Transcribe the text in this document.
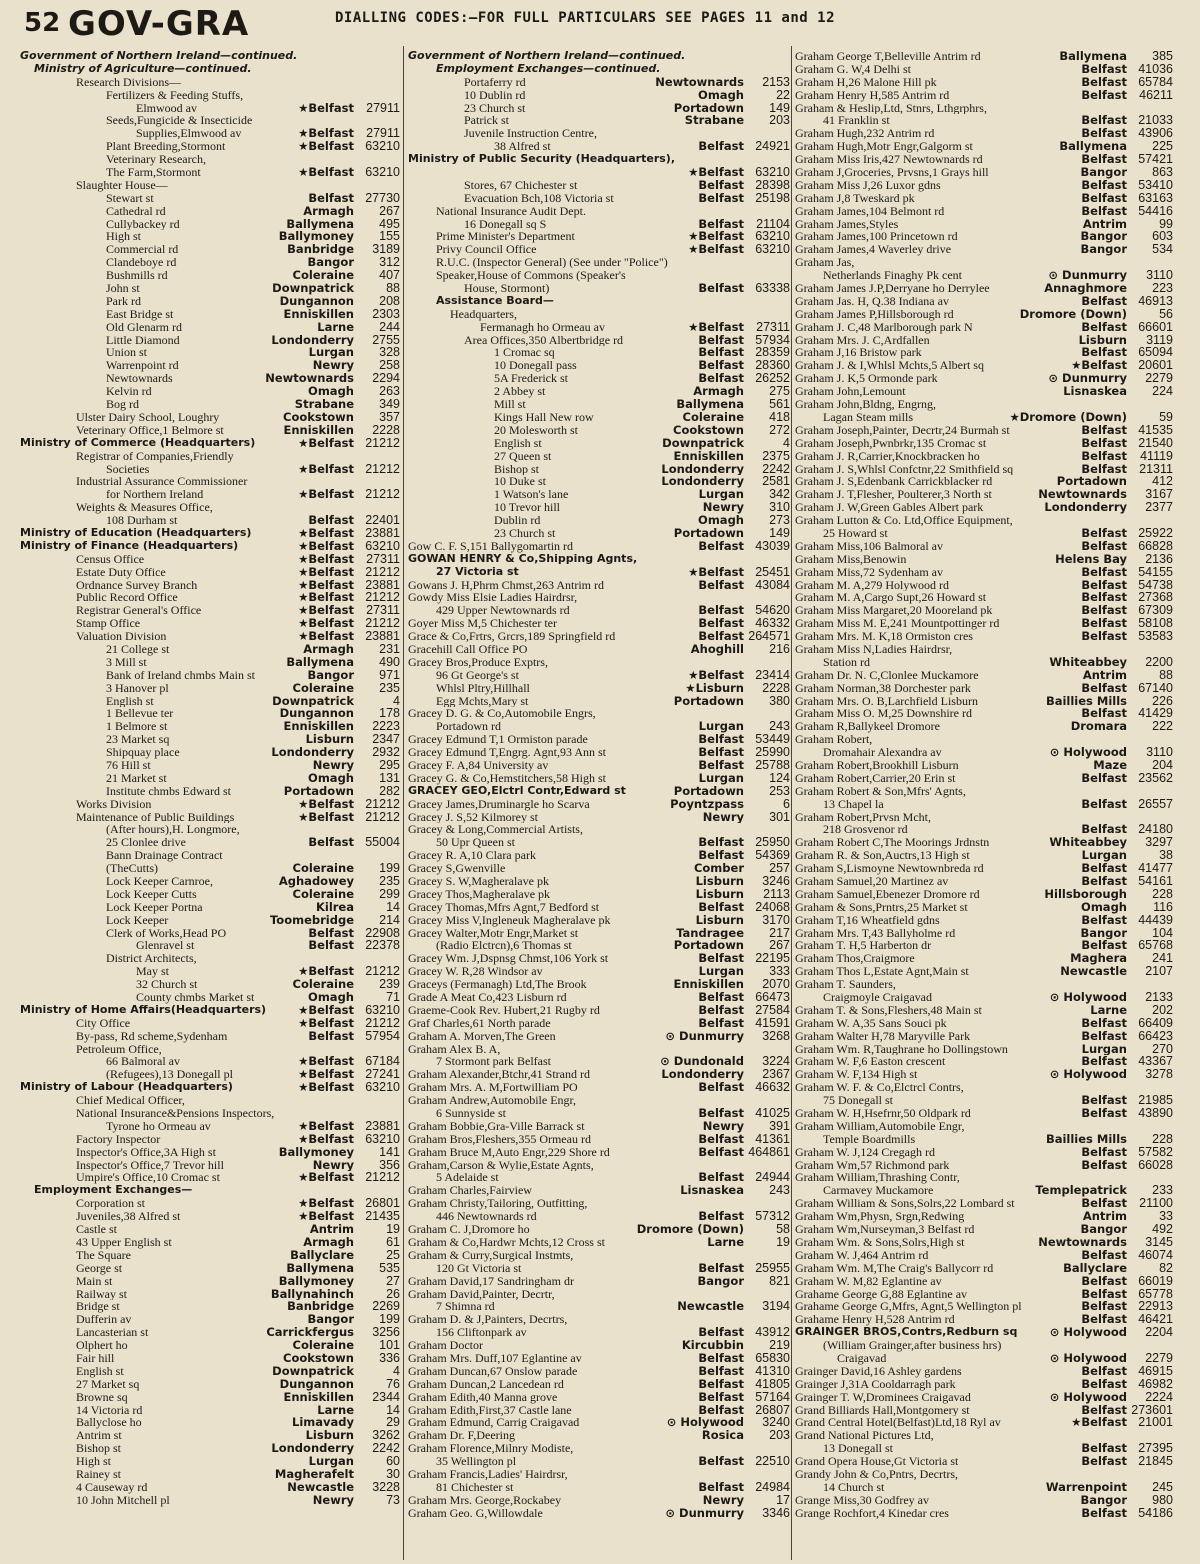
52 GOV-GRA	DIALLING CODES:—FOR FULL PARTICULARS SEE PAGES 11 and 12
Government of Northern Ireland—continued.
Ministry of Agriculture—continued.
Research Divisions—
Fertilizers & Feeding Stuffs,
Elmwood av	★Belfast 27911
Seeds,Fungicide & Insecticide
Supplies,Elmwood av	★Belfast 27911
Plant Breeding,Stormont	★Belfast 63210
Veterinary Research,
The Farm,Stormont	★Belfast 63210
Slaughter House—
Stewart st	Belfast 27730
Cathedral rd	Armagh 267
Cullybackey rd	Ballymena 495
High st	Ballymoney 155
Commercial rd	Banbridge 3189
Clandeboye rd	Bangor 312
Bushmills rd	Coleraine 407
John st	Downpatrick	88
Park rd	Dungannon 208
East Bridge st	Enniskillen 2303
Old Glenarm rd	Larne 244
Little Diamond	Londonderry 2755
Union st	Lurgan 328
Warrenpoint rd	Newry 258
Newtownards	Newtownards 2294
Kelvin rd	Omagh 263
Bog rd	Strabane 349
Ulster Dairy School, Loughry	Cookstown 357
Veterinary Office,1 Belmore st	Enniskillen 2228
Ministry of Commerce (Headquarters)	★Belfast 21212
Registrar of Companies,Friendly
Societies	★Belfast 21212
Industrial Assurance Commissioner
for Northern Ireland	★Belfast 21212
Weights & Measures Office,
108 Durham st	Belfast 22401
Ministry of Education (Headquarters)	★Belfast 23881
Ministry of Finance (Headquarters)	★Belfast 63210
Census Office	★Belfast 27311
Estate Duty Office	★Belfast 21212
Ordnance Survey Branch	★Belfast 23881
Public Record Office	★Belfast 21212
Registrar General's Office	★Belfast 27311
Stamp Office	★Belfast 21212
Valuation Division	★Belfast 23881
21 College st	Armagh 231
3 Mill st	Ballymena 490
Bank of Ireland chmbs Main st	Bangor 971
3 Hanover pl	Coleraine 235
English st	Downpatrick	4
1 Bellevue ter	Dungannon 178
1 Belmore st	Enniskillen 2223
23 Market sq	Lisburn 2347
Shipquay place	Londonderry 2932
76 Hill st	Newry 295
21 Market st	Omagh 131
Institute chmbs Edward st	Portadown 282
Works Division	★Belfast 21212
Maintenance of Public Buildings	★Belfast 21212
(After hours),H. Longmore,
25 Clonlee drive	Belfast 55004
Bann Drainage Contract
(TheCutts)	Coleraine 199
Lock Keeper Carnroe,	Aghadowey 235
Lock Keeper Cutts	Coleraine 299
Lock Keeper Portna	Kilrea	14
Lock Keeper	Toomebridge 214
Clerk of Works,Head PO	Belfast 22908
Glenravel st	Belfast 22378
District Architects,
May st	★Belfast 21212
32 Church st	Coleraine 239
County chmbs Market st	Omagh	71
Ministry of Home Affairs(Headquarters)	★Belfast 63210
City Office	★Belfast 21212
By-pass, Rd scheme,Sydenham	Belfast 57954
Petroleum Office,
66 Balmoral av	★Belfast 67184
(Refugees),13 Donegall pl	★Belfast 27241
Ministry of Labour (Headquarters)	★Belfast 63210
Chief Medical Officer,
National Insurance&Pensions Inspectors,
Tyrone ho Ormeau av	★Belfast 23881
Factory Inspector	★Belfast 63210
Inspector's Office,3A High st	Ballymoney 141
Inspector's Office,7 Trevor hill	Newry 356
Umpire's Office,10 Cromac st	★Belfast 21212
Employment Exchanges—
Corporation st	★Belfast 26801
Juveniles,38 Alfred st	★Belfast 21435
Castle st	Antrim	19
43 Upper English st	Armagh	61
The Square	Ballyclare	25
George st	Ballymena 535
Main st	Ballymoney	27
Railway st	Ballynahinch	26
Bridge st	Banbridge 2269
Dufferin av	Bangor 199
Lancasterian st	Carrickfergus 3256
Olphert ho	Coleraine 101
Fair hill	Cookstown 336
English st	Downpatrick	4
27 Market sq	Dungannon	76
Browne sq	Enniskillen 2344
14 Victoria rd	Larne	14
Ballyclose ho	Limavady	29
Antrim st	Lisburn 3262
Bishop st	Londonderry 2242
High st	Lurgan	60
Rainey st	Magherafelt	30
4 Causeway rd	Newcastle 3228
10 John Mitchell pl	Newry	73
Government of Northern Ireland—continued.
Employment Exchanges—continued.
Portaferry rd	Newtownards 2153
10 Dublin rd	Omagh	22
23 Church st	Portadown 149
Patrick st	Strabane 203
Juvenile Instruction Centre,
38 Alfred st	Belfast 24921
Ministry of Public Security (Headquarters),
★Belfast 63210
Stores, 67 Chichester st	Belfast 28398
Evacuation Bch,108 Victoria st	Belfast 25198
National Insurance Audit Dept.
16 Donegall sq S	Belfast 21104
Prime Minister's Department	★Belfast 63210
Privy Council Office	★Belfast 63210
R.U.C. (Inspector General) (See under "Police")
Speaker,House of Commons (Speaker's
House, Stormont)	Belfast 63338
Assistance Board—
Headquarters,
Fermanagh ho Ormeau av	★Belfast 27311
Area Offices,350 Albertbridge rd	Belfast 57934
1 Cromac sq	Belfast 28359
10 Donegall pass	Belfast 28360
5A Frederick st	Belfast 26252
2 Abbey st	Armagh 275
Mill st	Ballymena 561
Kings Hall New row	Coleraine 418
20 Molesworth st	Cookstown 272
English st	Downpatrick	4
27 Queen st	Enniskillen 2375
Bishop st	Londonderry 2242
10 Duke st	Londonderry 2581
1 Watson's lane	Lurgan 342
10 Trevor hill	Newry 310
Dublin rd	Omagh 273
23 Church st	Portadown 149
Gow C. F. S,151 Ballygomartin rd	Belfast 43039
GOWAN HENRY & Co,Shipping Agnts,
27 Victoria st	★Belfast 25451
Gowans J. H,Phrm Chmst,263 Antrim rd	Belfast 43084
Gowdy Miss Elsie Ladies Hairdrsr,
429 Upper Newtownards rd	Belfast 54620
Goyer Miss M,5 Chichester ter	Belfast 46332
Grace & Co,Frtrs, Grcrs,189 Springfield rd	Belfast 264571
Gracehill Call Office PO	Ahoghill 216
Gracey Bros,Produce Exptrs,
96 Gt George's st	★Belfast 23414
Whlsl Pltry,Hillhall	★Lisburn 2228
Egg Mchts,Mary st	Portadown 380
Gracey D. G. & Co,Automobile Engrs,
Portadown rd	Lurgan 243
Gracey Edmund T,1 Ormiston parade	Belfast 53449
Gracey Edmund T,Engrg. Agnt,93 Ann st	Belfast 25990
Gracey F. A,84 University av	Belfast 25788
Gracey G. & Co,Hemstitchers,58 High st	Lurgan 124
GRACEY GEO,Elctrl Contr,Edward st	Portadown 253
Gracey James,Druminargle ho Scarva	Poyntzpass	6
Gracey J. S,52 Kilmorey st	Newry 301
Gracey & Long,Commercial Artists,
50 Upr Queen st	Belfast 25950
Gracey R. A,10 Clara park	Belfast 54369
Gracey S,Gwenville	Comber 257
Gracey S. W,Magheralave pk	Lisburn 3246
Gracey Thos,Magheralave pk	Lisburn 2113
Gracey Thomas,Mfrs Agnt,7 Bedford st	Belfast 24068
Gracey Miss V,Ingleneuk Magheralave pk	Lisburn 3170
Gracey Walter,Motr Engr,Market st	Tandragee 217
(Radio Elctrcn),6 Thomas st	Portadown 267
Gracey Wm. J,Dspnsg Chmst,106 York st	Belfast 22195
Gracey W. R,28 Windsor av	Lurgan 333
Graceys (Fermanagh) Ltd,The Brook	Enniskillen 2070
Grade A Meat Co,423 Lisburn rd	Belfast 66473
Graeme-Cook Rev. Hubert,21 Rugby rd	Belfast 27584
Graf Charles,61 North parade	Belfast 41591
Graham A. Morven,The Green	⊙ Dunmurry 3268
Graham Alex B. A,
7 Stormont park Belfast	⊙ Dundonald 3224
Graham Alexander,Btchr,41 Strand rd	Londonderry 2367
Graham Mrs. A. M,Fortwilliam PO	Belfast 46632
Graham Andrew,Automobile Engr,
6 Sunnyside st	Belfast 41025
Graham Bobbie,Gra-Ville Barrack st	Newry 391
Graham Bros,Fleshers,355 Ormeau rd	Belfast 41361
Graham Bruce M,Auto Engr,229 Shore rd	Belfast 464861
Graham,Carson & Wylie,Estate Agnts,
5 Adelaide st	Belfast 24944
Graham Charles,Fairview	Lisnaskea 243
Graham Christy,Tailoring, Outfitting,
446 Newtownards rd	Belfast 57312
Graham C. J,Dromore ho	Dromore (Down)	58
Graham & Co,Hardwr Mchts,12 Cross st	Larne	19
Graham & Curry,Surgical Instmts,
120 Gt Victoria st	Belfast 25955
Graham David,17 Sandringham dr	Bangor 821
Graham David,Painter, Decrtr,
7 Shimna rd	Newcastle 3194
Graham D. & J,Painters, Decrtrs,
156 Cliftonpark av	Belfast 43912
Graham Doctor	Kircubbin 219
Graham Mrs. Duff,107 Eglantine av	Belfast 65830
Graham Duncan,67 Onslow parade	Belfast 41310
Graham Duncan,2 Lancedean rd	Belfast 41805
Graham Edith,40 Manna grove	Belfast 57164
Graham Edith,First,37 Castle lane	Belfast 26807
Graham Edmund, Carrig Craigavad	⊙ Holywood 3240
Graham Dr. F,Deering	Rosica 203
Graham Florence,Milnry Modiste,
35 Wellington pl	Belfast 22510
Graham Francis,Ladies' Hairdrsr,
81 Chichester st	Belfast 24984
Graham Mrs. George,Rockabey	Newry	17
Graham Geo. G,Willowdale	⊙ Dunmurry 3346
Graham George T,Belleville Antrim rd	Ballymena 385
Graham G. W,4 Delhi st	Belfast 41036
Graham H,26 Malone Hill pk	Belfast 65784
Graham Henry H,585 Antrim rd	Belfast 46211
Graham & Heslip,Ltd, Stnrs, Lthgrphrs,
41 Franklin st	Belfast 21033
Graham Hugh,232 Antrim rd	Belfast 43906
Graham Hugh,Motr Engr,Galgorm st	Ballymena 225
Graham Miss Iris,427 Newtownards rd	Belfast 57421
Graham J,Groceries, Prvsns,1 Grays hill	Bangor 863
Graham Miss J,26 Luxor gdns	Belfast 53410
Graham J,8 Tweskard pk	Belfast 63163
Graham James,104 Belmont rd	Belfast 54416
Graham James,Styles	Antrim	99
Graham James,100 Princetown rd	Bangor 603
Graham James,4 Waverley drive	Bangor 534
Graham Jas,
Netherlands Finaghy Pk cent	⊙ Dunmurry 3110
Graham James J.P,Derryane ho Derrylee	Annaghmore 223
Graham Jas. H, Q.38 Indiana av	Belfast 46913
Graham James P,Hillsborough rd	Dromore (Down)	56
Graham J. C,48 Marlborough park N	Belfast 66601
Graham Mrs. J. C,Ardfallen	Lisburn 3119
Graham J,16 Bristow park	Belfast 65094
Graham J. & I,Whlsl Mchts,5 Albert sq	★Belfast 20601
Graham J. K,5 Ormonde park	⊙ Dunmurry 2279
Graham John,Lemount	Lisnaskea 224
Graham John,Bldng, Engrng,
Lagan Steam mills	★Dromore (Down)	59
Graham Joseph,Painter, Decrtr,24 Burmah st	Belfast 41535
Graham Joseph,Pwnbrkr,135 Cromac st	Belfast 21540
Graham J. R,Carrier,Knockbracken ho	Belfast 41119
Graham J. S,Whlsl Confctnr,22 Smithfield sq	Belfast 21311
Graham J. S,Edenbank Carrickblacker rd	Portadown 412
Graham J. T,Flesher, Poulterer,3 North st	Newtownards 3167
Graham J. W,Green Gables Albert park	Londonderry 2377
Graham Lutton & Co. Ltd,Office Equipment,
25 Howard st	Belfast 25922
Graham Miss,106 Balmoral av	Belfast 66828
Graham Miss,Benowin	Helens Bay 2136
Graham Miss,72 Sydenham av	Belfast 54155
Graham M. A,279 Holywood rd	Belfast 54738
Graham M. A,Cargo Supt,26 Howard st	Belfast 27368
Graham Miss Margaret,20 Mooreland pk	Belfast 67309
Graham Miss M. E,241 Mountpottinger rd	Belfast 58108
Graham Mrs. M. K,18 Ormiston cres	Belfast 53583
Graham Miss N,Ladies Hairdrsr,
Station rd	Whiteabbey 2200
Graham Dr. N. C,Clonlee Muckamore	Antrim	88
Graham Norman,38 Dorchester park	Belfast 67140
Graham Mrs. O. B,Larchfield Lisburn	Baillies Mills 226
Graham Miss O. M,25 Downshire rd	Belfast 41429
Graham R,Ballykeel Dromore	Dromara 222
Graham Robert,
Dromahair Alexandra av	⊙ Holywood 3110
Graham Robert,Brookhill Lisburn	Maze 204
Graham Robert,Carrier,20 Erin st	Belfast 23562
Graham Robert & Son,Mfrs' Agnts,
13 Chapel la	Belfast 26557
Graham Robert,Prvsn Mcht,
218 Grosvenor rd	Belfast 24180
Graham Robert C,The Moorings Jrdnstn	Whiteabbey 3297
Graham R. & Son,Auctrs,13 High st	Lurgan	38
Graham S,Lismoyne Newtownbreda rd	Belfast 41477
Graham Samuel,20 Martinez av	Belfast 54161
Graham Samuel,Ebenezer Dromore rd	Hillsborough 228
Graham & Sons,Prntrs,25 Market st	Omagh 116
Graham T,16 Wheatfield gdns	Belfast 44439
Graham Mrs. T,43 Ballyholme rd	Bangor 104
Graham T. H,5 Harberton dr	Belfast 65768
Graham Thos,Craigmore	Maghera 241
Graham Thos L,Estate Agnt,Main st	Newcastle 2107
Graham T. Saunders,
Craigmoyle Craigavad	⊙ Holywood 2133
Graham T. & Sons,Fleshers,48 Main st	Larne 202
Graham W. A,35 Sans Souci pk	Belfast 66409
Graham Walter H,78 Maryville Park	Belfast 66423
Graham Wm. R,Taughrane ho Dollingstown	Lurgan 270
Graham W. F,6 Easton crescent	Belfast 43367
Graham W. F,134 High st	⊙ Holywood 3278
Graham W. F. & Co,Elctrcl Contrs,
75 Donegall st	Belfast 21985
Graham W. H,Hsefrnr,50 Oldpark rd	Belfast 43890
Graham William,Automobile Engr,
Temple Boardmills	Baillies Mills 228
Graham W. J,124 Cregagh rd	Belfast 57582
Graham Wm,57 Richmond park	Belfast 66028
Graham William,Thrashing Contr,
Carmavey Muckamore	Templepatrick 233
Graham William & Sons,Solrs,22 Lombard st	Belfast 21100
Graham Wm,Physn, Srgn,Redwing	Antrim	33
Graham Wm,Nurseyman,3 Belfast rd	Bangor 492
Graham Wm. & Sons,Solrs,High st	Newtownards 3145
Graham W. J,464 Antrim rd	Belfast 46074
Graham Wm. M,The Craig's Ballycorr rd	Ballyclare	82
Graham W. M,82 Eglantine av	Belfast 66019
Grahame George G,88 Eglantine av	Belfast 65778
Grahame George G,Mfrs, Agnt,5 Wellington pl	Belfast 22913
Grahame Henry H,528 Antrim rd	Belfast 46421
GRAINGER BROS,Contrs,Redburn sq	⊙ Holywood 2204
(William Grainger,after business hrs)
Craigavad	⊙ Holywood 2279
Grainger David,16 Ashley gardens	Belfast 46915
Grainger J,31A Cooldarragh park	Belfast 46982
Grainger T. W,Drominees Craigavad	⊙ Holywood 2224
Grand Billiards Hall,Montgomery st	Belfast 273601
Grand Central Hotel(Belfast)Ltd,18 Ryl av	★Belfast 21001
Grand National Pictures Ltd,
13 Donegall st	Belfast 27395
Grand Opera House,Gt Victoria st	Belfast 21845
Grandy John & Co,Pntrs, Decrtrs,
14 Church st	Warrenpoint 245
Grange Miss,30 Godfrey av	Bangor 980
Grange Rochfort,4 Kinedar cres	Belfast 54186
